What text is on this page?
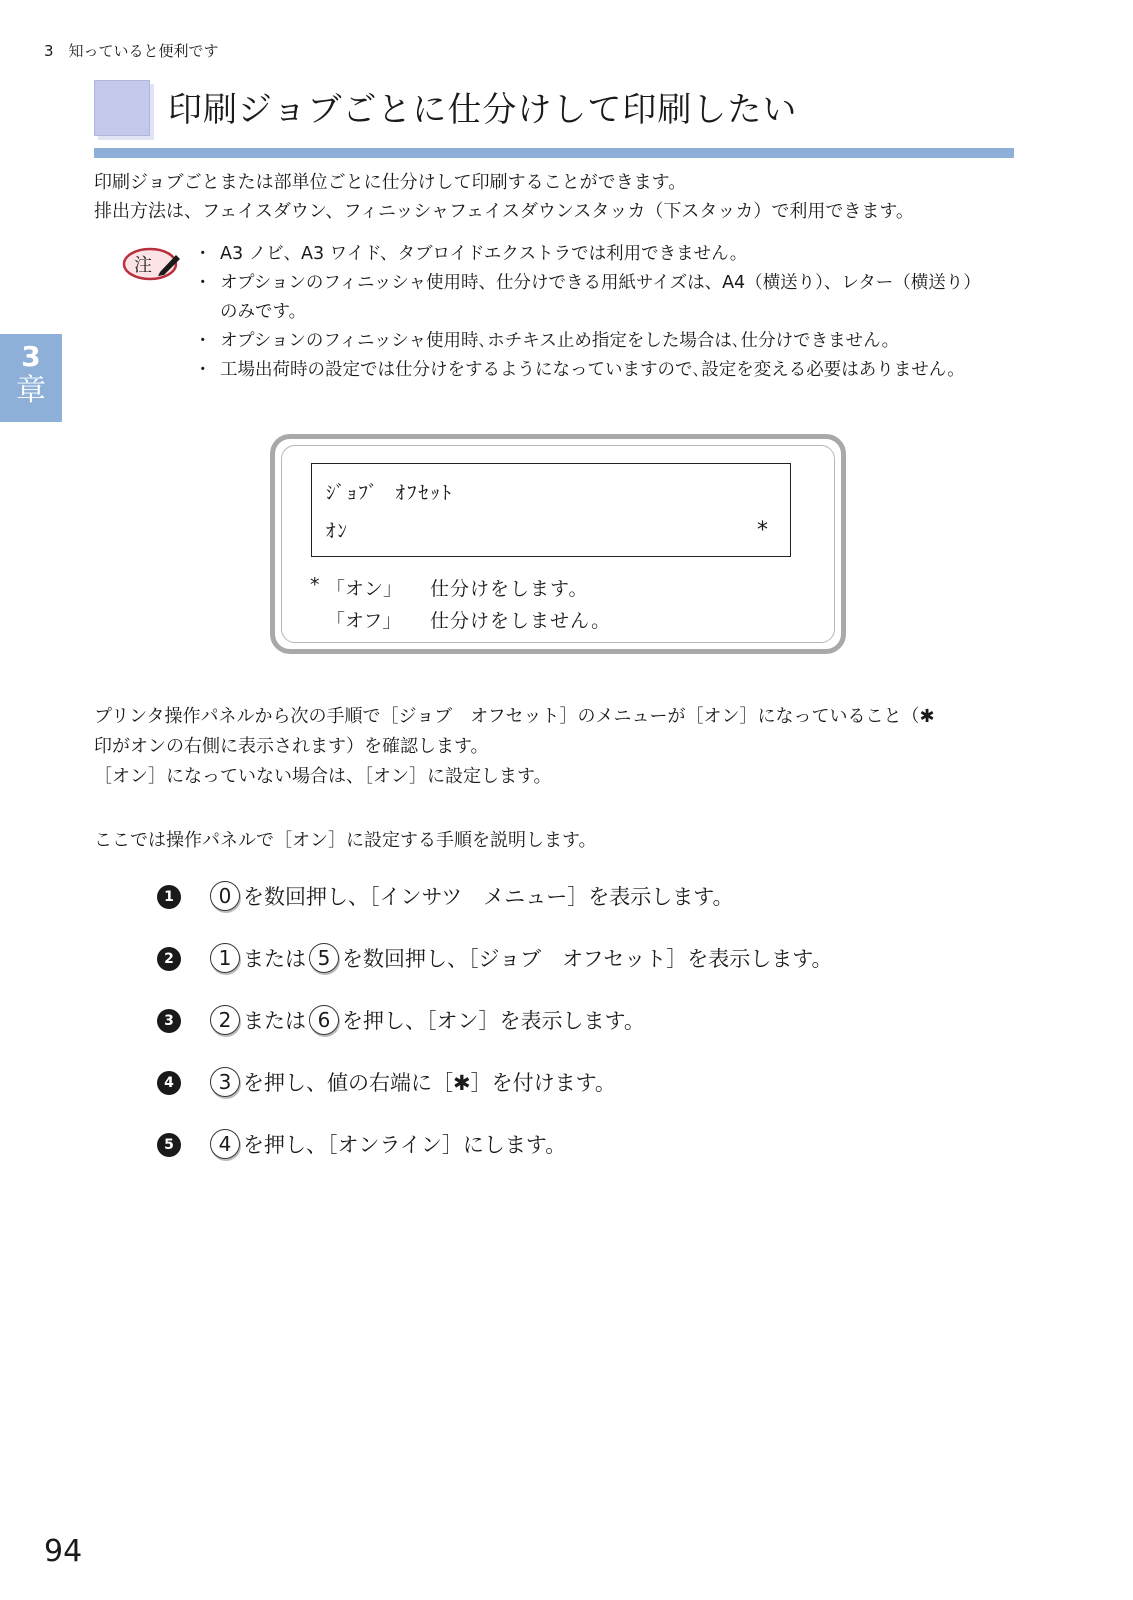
3　知っていると便利です
3
章
印刷ジョブごとに仕分けして印刷したい
印刷ジョブごとまたは部単位ごとに仕分けして印刷することができます。
排出方法は、フェイスダウン、フィニッシャフェイスダウンスタッカ（下スタッカ）で利用できます。
注
・ A3 ノビ、A3 ワイド、タブロイドエクストラでは利用できません。
・ オプションのフィニッシャ使用時、仕分けできる用紙サイズは、A4（横送り）、レター（横送り）のみです。
・ オプションのフィニッシャ使用時､ホチキス止め指定をした場合は､仕分けできません。
・ 工場出荷時の設定では仕分けをするようになっていますので､設定を変える必要はありません。
ｼﾞｮﾌﾞ  ｵﾌｾｯﾄ
ｵﾝ	*
* 「オン」 仕分けをします。
「オフ」 仕分けをしません。
プリンタ操作パネルから次の手順で［ジョブ　オフセット］のメニューが［オン］になっていること（✱
印がオンの右側に表示されます）を確認します。
［オン］になっていない場合は、［オン］に設定します。
ここでは操作パネルで［オン］に設定する手順を説明します。
1	0 を数回押し、［インサツ　メニュー］を表示します。
2	1 または 5 を数回押し、［ジョブ　オフセット］を表示します。
3	2 または 6 を押し、［オン］を表示します。
4	3 を押し、値の右端に［✱］を付けます。
5	4 を押し、［オンライン］にします。
94
